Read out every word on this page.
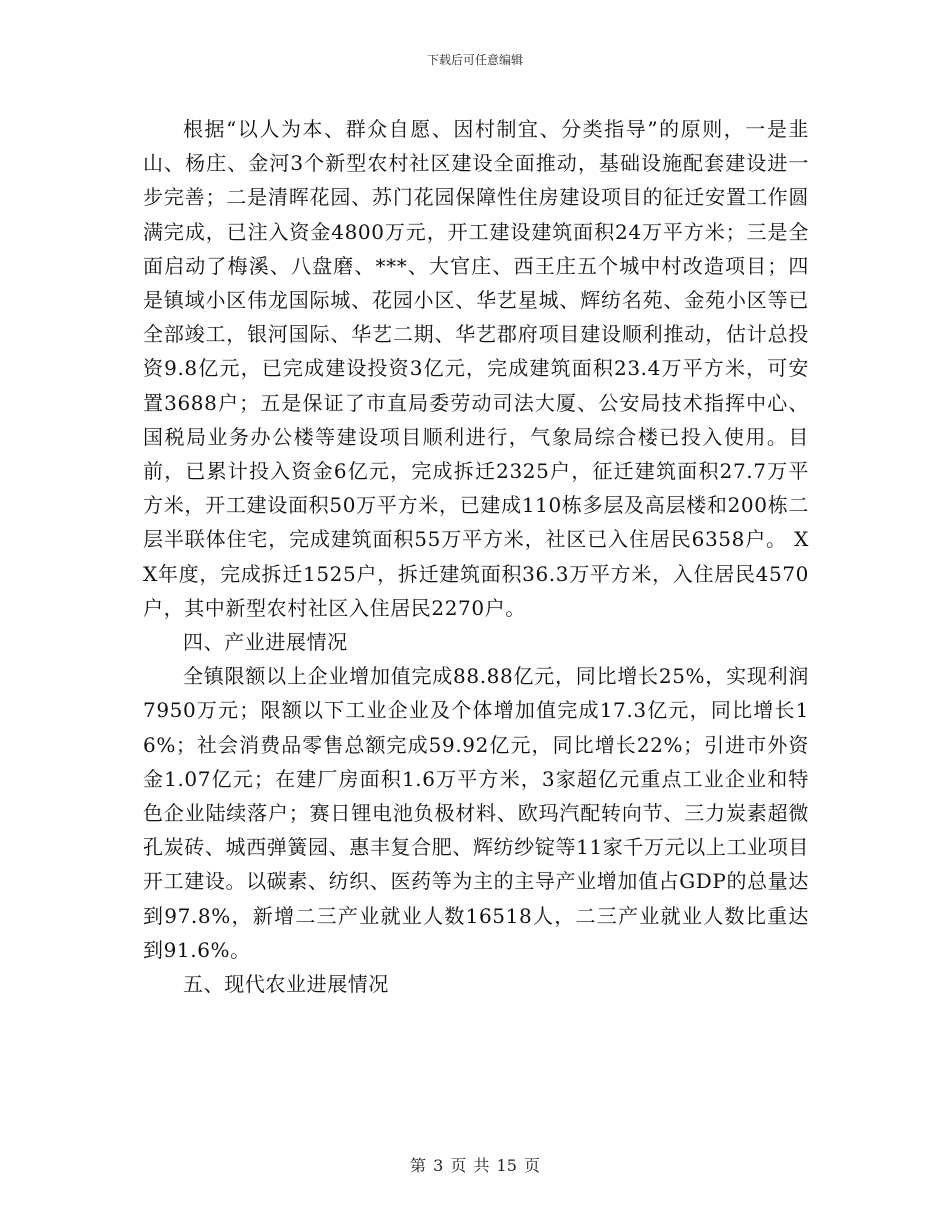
下载后可任意编辑

根据“以人为本、群众自愿、因村制宜、分类指导”的原则，一是韭山、杨庄、金河3个新型农村社区建设全面推动，基础设施配套建设进一步完善；二是清晖花园、苏门花园保障性住房建设项目的征迁安置工作圆满完成，已注入资金4800万元，开工建设建筑面积24万平方米；三是全面启动了梅溪、八盘磨、***、大官庄、西王庄五个城中村改造项目；四是镇域小区伟龙国际城、花园小区、华艺星城、辉纺名苑、金苑小区等已全部竣工，银河国际、华艺二期、华艺郡府项目建设顺利推动，估计总投资9.8亿元，已完成建设投资3亿元，完成建筑面积23.4万平方米，可安置3688户；五是保证了市直局委劳动司法大厦、公安局技术指挥中心、国税局业务办公楼等建设项目顺利进行，气象局综合楼已投入使用。目前，已累计投入资金6亿元，完成拆迁2325户，征迁建筑面积27.7万平方米，开工建设面积50万平方米，已建成110栋多层及高层楼和200栋二层半联体住宅，完成建筑面积55万平方米，社区已入住居民6358户。 XX年度，完成拆迁1525户，拆迁建筑面积36.3万平方米，入住居民4570户，其中新型农村社区入住居民2270户。

四、产业进展情况

全镇限额以上企业增加值完成88.88亿元，同比增长25%，实现利润7950万元；限额以下工业企业及个体增加值完成17.3亿元，同比增长16%；社会消费品零售总额完成59.92亿元，同比增长22%；引进市外资金1.07亿元；在建厂房面积1.6万平方米，3家超亿元重点工业企业和特色企业陆续落户；赛日锂电池负极材料、欧玛汽配转向节、三力炭素超微孔炭砖、城西弹簧园、惠丰复合肥、辉纺纱锭等11家千万元以上工业项目开工建设。以碳素、纺织、医药等为主的主导产业增加值占GDP的总量达到97.8%，新增二三产业就业人数16518人，二三产业就业人数比重达到91.6%。

五、现代农业进展情况

第 3 页 共 15 页
